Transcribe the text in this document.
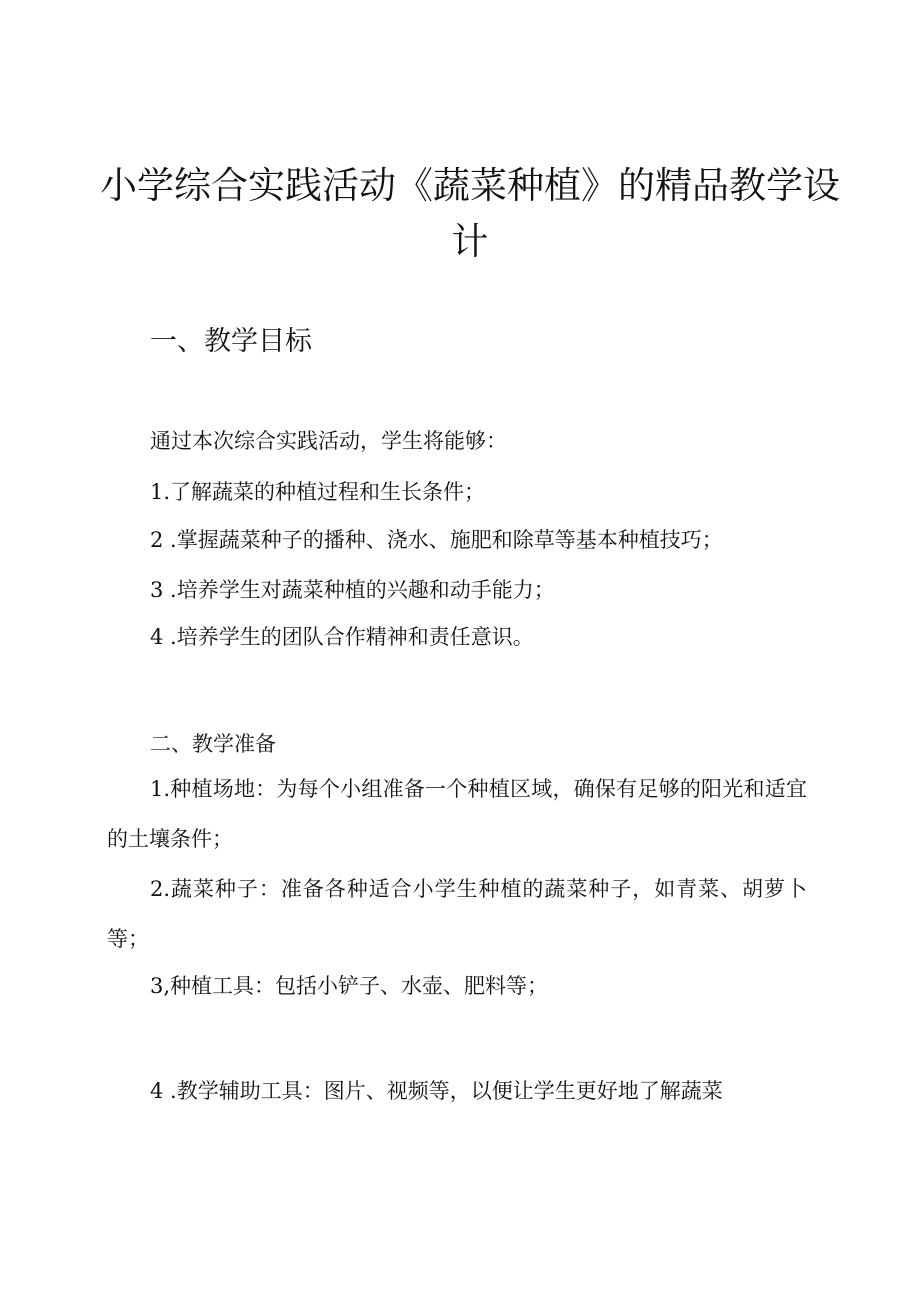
小学综合实践活动《蔬菜种植》的精品教学设计
一、教学目标

通过本次综合实践活动，学生将能够：

1.了解蔬菜的种植过程和生长条件；

2 .掌握蔬菜种子的播种、浇水、施肥和除草等基本种植技巧；

3 .培养学生对蔬菜种植的兴趣和动手能力；

4 .培养学生的团队合作精神和责任意识。

二、教学准备

1.种植场地：为每个小组准备一个种植区域，确保有足够的阳光和适宜的土壤条件；

2.蔬菜种子：准备各种适合小学生种植的蔬菜种子，如青菜、胡萝卜等；

3,种植工具：包括小铲子、水壶、肥料等；

4 .教学辅助工具：图片、视频等，以便让学生更好地了解蔬菜
